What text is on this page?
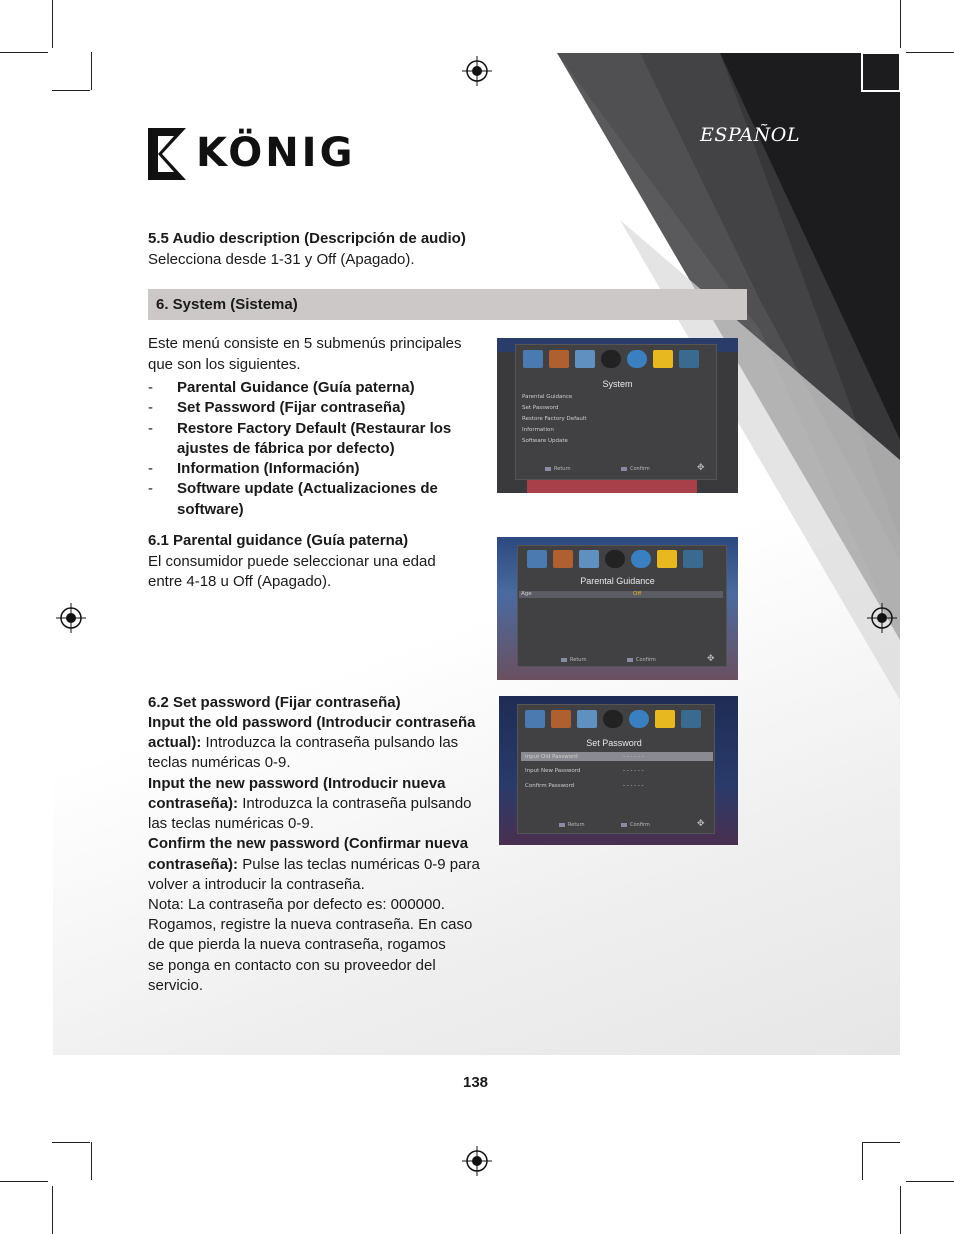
KÖNIG	ESPAÑOL
5.5 Audio description (Descripción de audio)
Selecciona desde 1-31 y Off (Apagado).
6. System (Sistema)
Este menú consiste en 5 submenús principales
que son los siguientes.
- Parental Guidance (Guía paterna)
- Set Password (Fijar contraseña)
- Restore Factory Default (Restaurar los
ajustes de fábrica por defecto)
- Information (Información)
- Software update (Actualizaciones de
software)
System
Parental Guidance
Set Password
Restore Factory Default
Information
Software Update
Return	Confirm	✥
6.1 Parental guidance (Guía paterna)
El consumidor puede seleccionar una edad
entre 4-18 u Off (Apagado).	Parental Guidance
Age	Off
Return	Confirm	✥
6.2 Set password (Fijar contraseña)
Input the old password (Introducir contraseña
actual): Introduzca la contraseña pulsando las
teclas numéricas 0-9.
Input the new password (Introducir nueva
contraseña): Introduzca la contraseña pulsando
las teclas numéricas 0-9.
Confirm the new password (Confirmar nueva
contraseña): Pulse las teclas numéricas 0-9 para
volver a introducir la contraseña.
Nota: La contraseña por defecto es: 000000.
Rogamos, registre la nueva contraseña. En caso
de que pierda la nueva contraseña, rogamos
se ponga en contacto con su proveedor del
servicio.
Set Password
Input Old Password	- - - - - -
Input New Password	- - - - - -
Confirm Password	- - - - - -
Return	Confirm	✥
138
